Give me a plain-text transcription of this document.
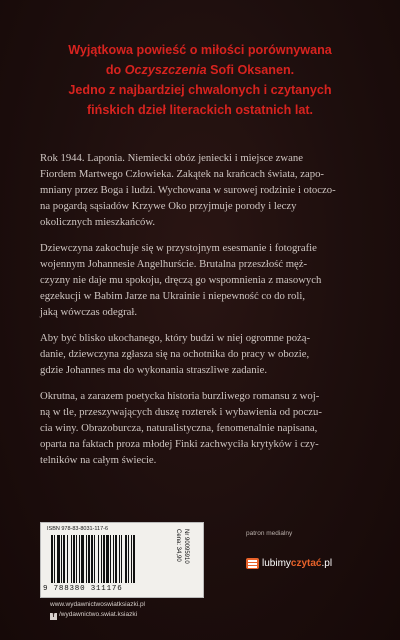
Wyjątkowa powieść o miłości porównywana
do Oczyszczenia Sofi Oksanen.
Jedno z najbardziej chwalonych i czytanych
fińskich dzieł literackich ostatnich lat.

Rok 1944. Laponia. Niemiecki obóz jeniecki i miejsce zwane
Fiordem Martwego Człowieka. Zakątek na krańcach świata, zapo-
mniany przez Boga i ludzi. Wychowana w surowej rodzinie i otoczo-
na pogardą sąsiadów Krzywe Oko przyjmuje porody i leczy
okolicznych mieszkańców.

Dziewczyna zakochuje się w przystojnym esesmanie i fotografie
wojennym Johannesie Angelhurście. Brutalna przeszłość męż-
czyzny nie daje mu spokoju, dręczą go wspomnienia z masowych
egzekucji w Babim Jarze na Ukrainie i niepewność co do roli,
jaką wówczas odegrał.

Aby być blisko ukochanego, który budzi w niej ogromne pożą-
danie, dziewczyna zgłasza się na ochotnika do pracy w obozie,
gdzie Johannes ma do wykonania straszliwe zadanie.

Okrutna, a zarazem poetycka historia burzliwego romansu z woj-
ną w tle, przeszywających duszę rozterek i wybawienia od poczu-
cia winy. Obrazoburcza, naturalistyczna, fenomenalnie napisana,
oparta na faktach proza młodej Finki zachwyciła krytyków i czy-
telników na całym świecie.

ISBN 978-83-8031-117-6
9 788380 311176
Nr 90095910
Cena: 34,90	patron medialny
lubimyczytać.pl
www.wydawnictwoswiatksiazki.pl
f /wydawnictwo.swiat.ksiazki
